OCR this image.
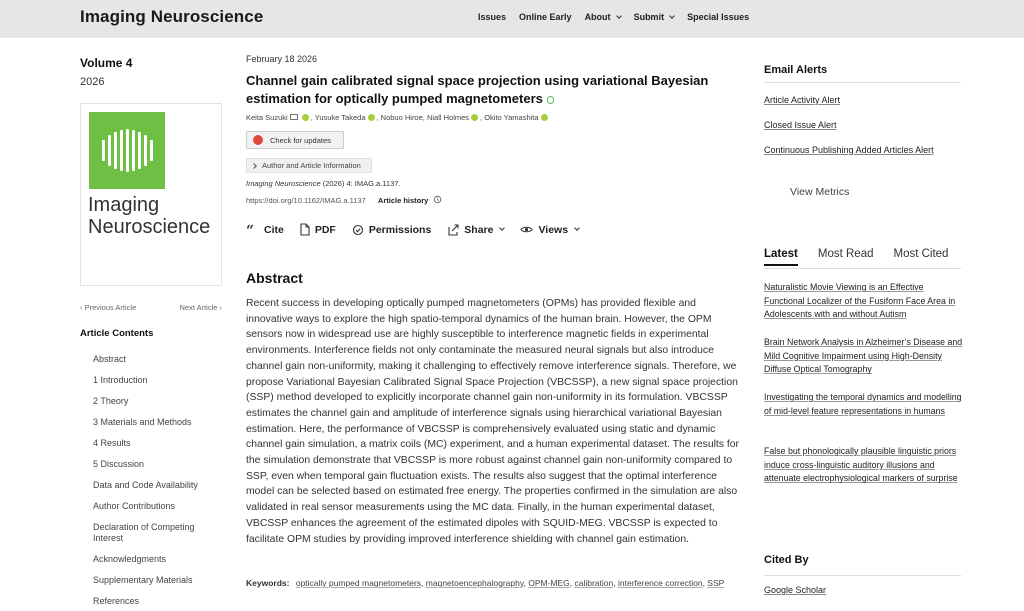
Imaging Neuroscience	Issues Online Early About	Submit	Special Issues
Volume 4
2026
Imaging
Neuroscience
‹ Previous Article	Next Article ›
Article Contents
Abstract
1 Introduction
2 Theory
3 Materials and Methods
4 Results
5 Discussion
Data and Code Availability
Author Contributions
Declaration of Competing Interest
Acknowledgments
Supplementary Materials
References
February 18 2026
Channel gain calibrated signal space projection using variational Bayesian estimation for optically pumped magnetometers
Keita Suzuki	, Yusuke Takeda , Nobuo Hiroe, Niall Holmes , Okito Yamashita
Check for updates
Author and Article Information
Imaging Neuroscience (2026) 4: IMAG.a.1137.
https://doi.org/10.1162/IMAG.a.1137 Article history
“ Cite	PDF	Permissions	Share	Views
Abstract
Recent success in developing optically pumped magnetometers (OPMs) has provided flexible and innovative ways to explore the high spatio-temporal dynamics of the human brain. However, the OPM sensors now in widespread use are highly susceptible to interference magnetic fields in experimental environments. Interference fields not only contaminate the measured neural signals but also introduce channel gain non-uniformity, making it challenging to effectively remove interference signals. Therefore, we propose Variational Bayesian Calibrated Signal Space Projection (VBCSSP), a new signal space projection (SSP) method developed to explicitly incorporate channel gain non-uniformity in its formulation. VBCSSP estimates the channel gain and amplitude of interference signals using hierarchical variational Bayesian estimation. Here, the performance of VBCSSP is comprehensively evaluated using static and dynamic channel gain simulation, a matrix coils (MC) experiment, and a human experimental dataset. The results for the simulation demonstrate that VBCSSP is more robust against channel gain non-uniformity compared to SSP, even when temporal gain fluctuation exists. The results also suggest that the optimal interference model can be selected based on estimated free energy. The properties confirmed in the simulation are also validated in real sensor measurements using the MC data. Finally, in the human experimental dataset, VBCSSP enhances the agreement of the estimated dipoles with SQUID-MEG. VBCSSP is expected to facilitate OPM studies by providing improved interference shielding with channel gain estimation.
Keywords: optically pumped magnetometers, magnetoencephalography, OPM-MEG, calibration, interference correction, SSP
Email Alerts
Article Activity Alert
Closed Issue Alert
Continuous Publishing Added Articles Alert
View Metrics
Latest Most Read Most Cited
Naturalistic Movie Viewing is an Effective Functional Localizer of the Fusiform Face Area in Adolescents with and without Autism
Brain Network Analysis in Alzheimer’s Disease and Mild Cognitive Impairment using High-Density Diffuse Optical Tomography
Investigating the temporal dynamics and modelling of mid-level feature representations in humans
False but phonologically plausible linguistic priors induce cross-linguistic auditory illusions and attenuate electrophysiological markers of surprise
Cited By
Google Scholar
